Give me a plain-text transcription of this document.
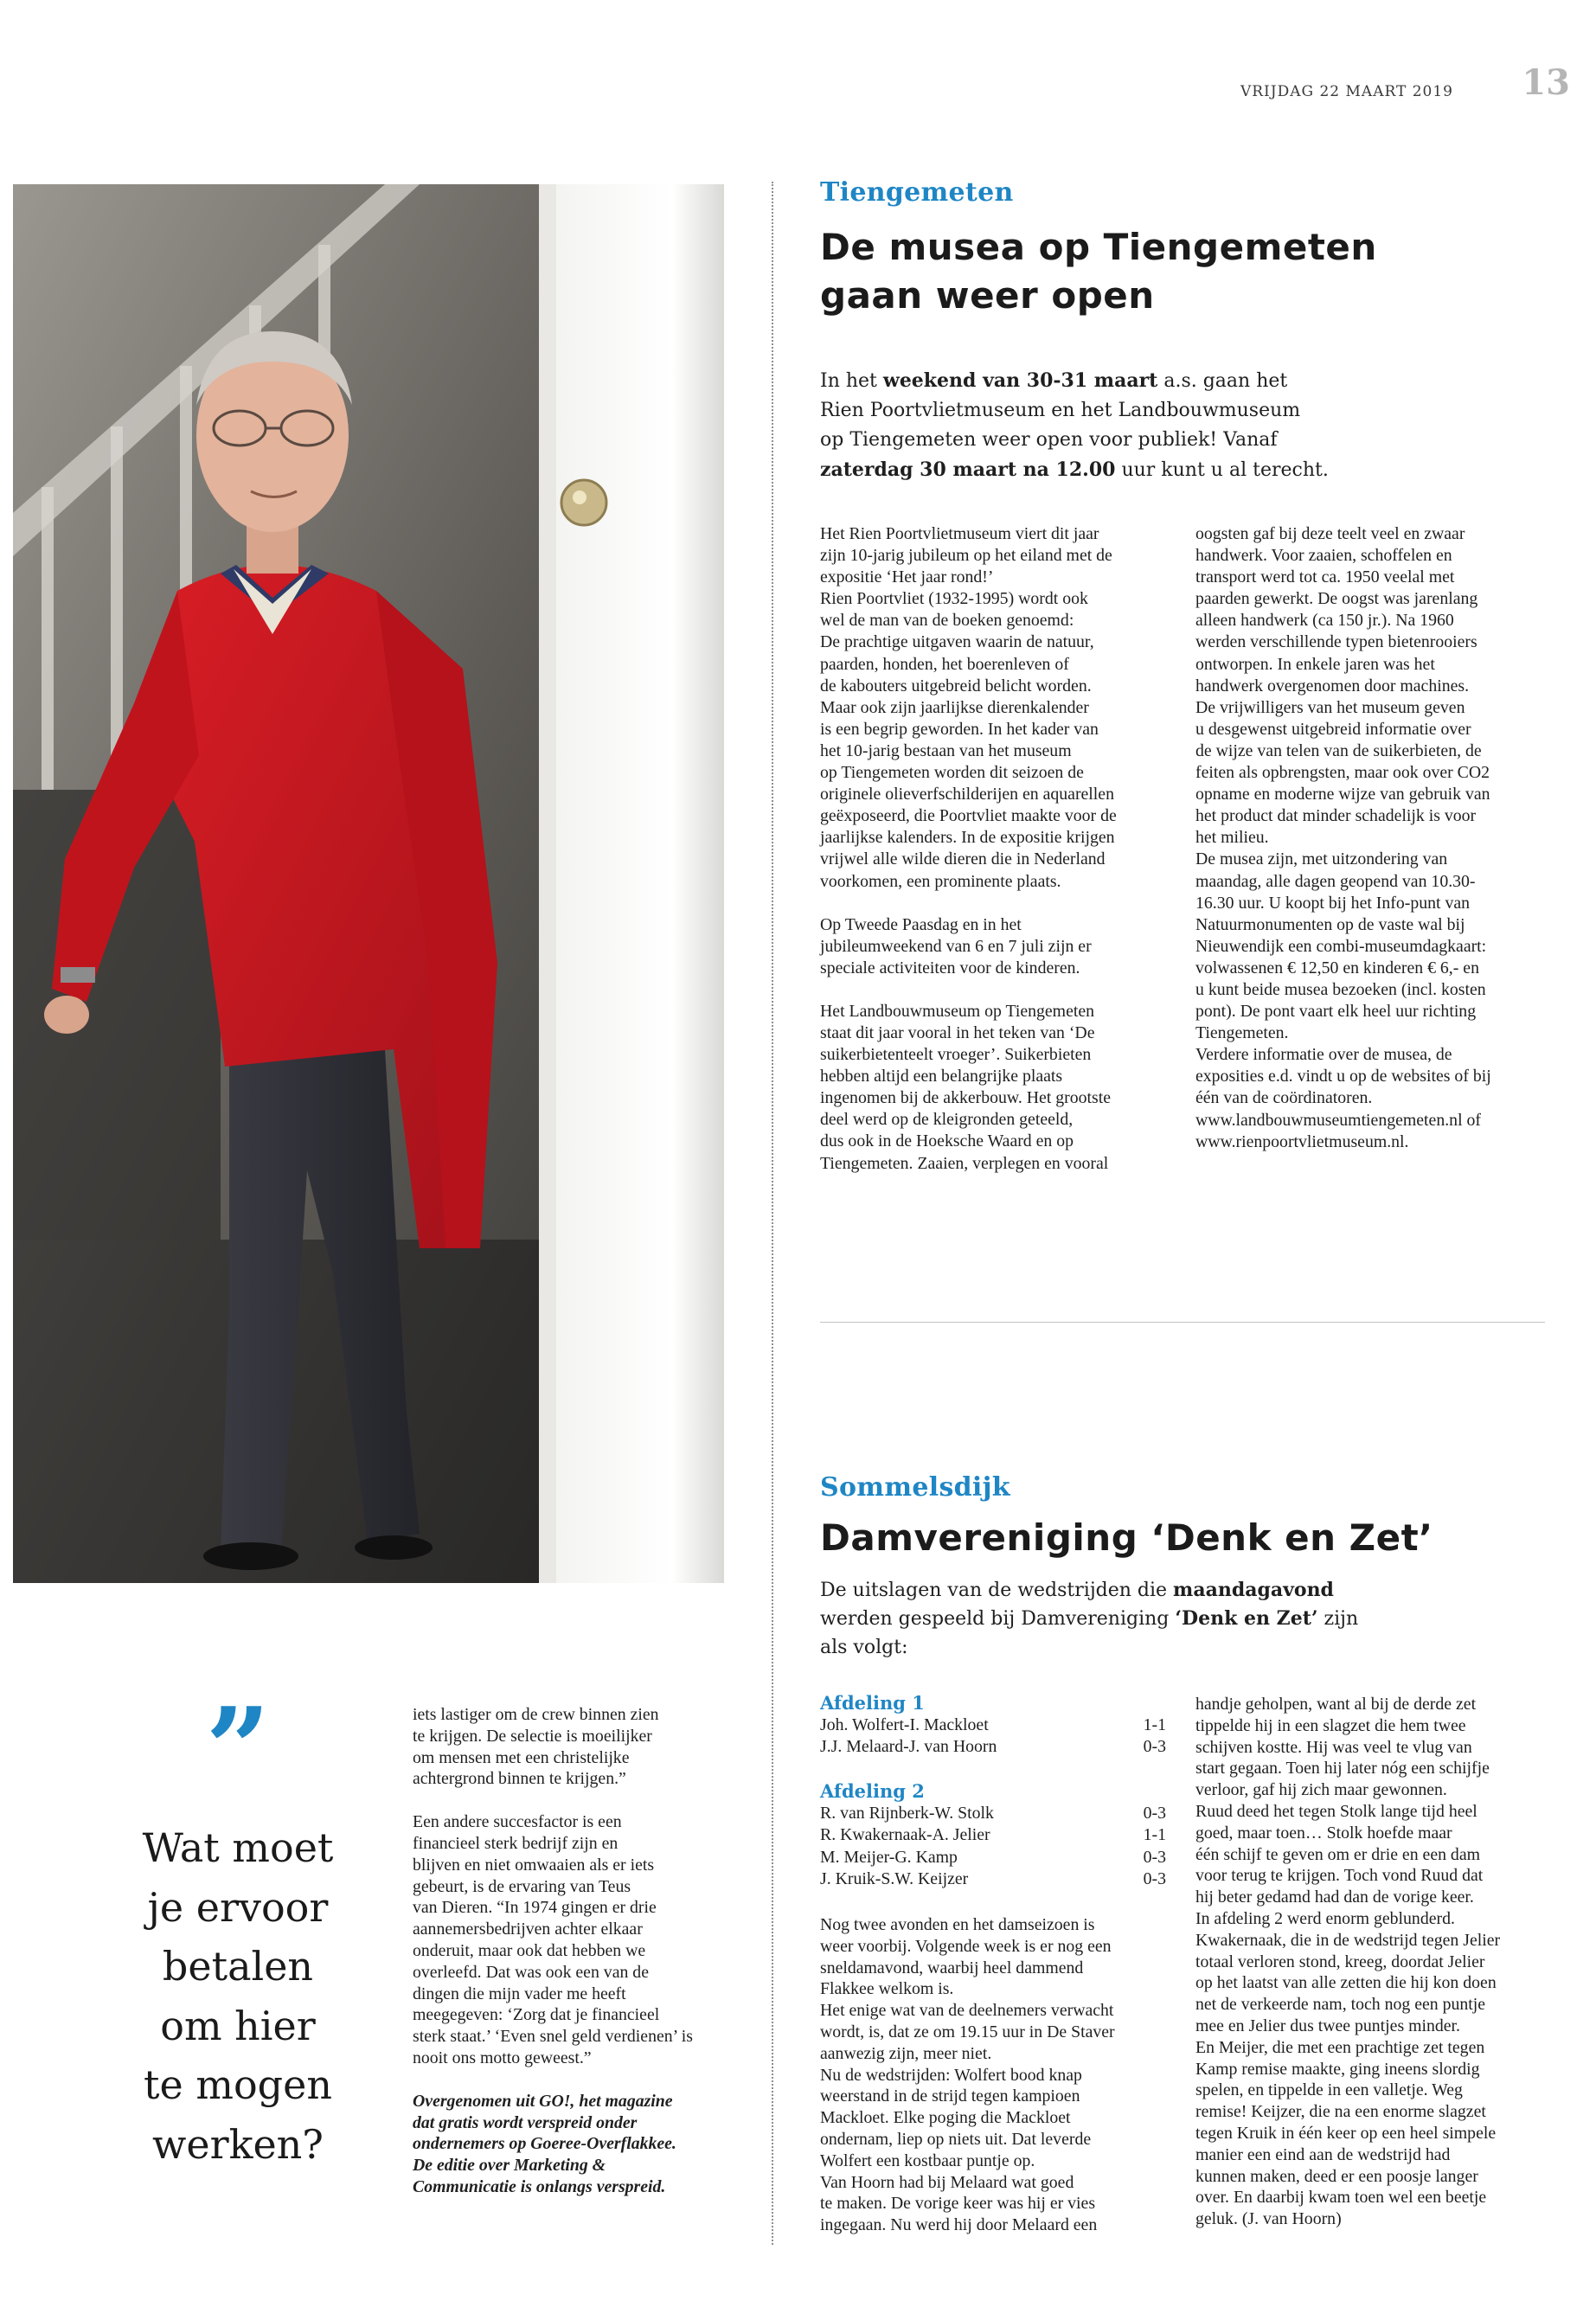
VRIJDAG 22 MAART 2019	13
Tiengemeten
De musea op Tiengemeten
gaan weer open
In het weekend van 30-31 maart a.s. gaan het
Rien Poortvlietmuseum en het Landbouwmuseum
op Tiengemeten weer open voor publiek! Vanaf
zaterdag 30 maart na 12.00 uur kunt u al terecht.

Het Rien Poortvlietmuseum viert dit jaar
zijn 10-jarig jubileum op het eiland met de
expositie ‘Het jaar rond!’
Rien Poortvliet (1932-1995) wordt ook
wel de man van de boeken genoemd:
De prachtige uitgaven waarin de natuur,
paarden, honden, het boerenleven of
de kabouters uitgebreid belicht worden.
Maar ook zijn jaarlijkse dierenkalender
is een begrip geworden. In het kader van
het 10-jarig bestaan van het museum
op Tiengemeten worden dit seizoen de
originele olieverfschilderijen en aquarellen
geëxposeerd, die Poortvliet maakte voor de
jaarlijkse kalenders. In de expositie krijgen
vrijwel alle wilde dieren die in Nederland
voorkomen, een prominente plaats.

Op Tweede Paasdag en in het
jubileumweekend van 6 en 7 juli zijn er
speciale activiteiten voor de kinderen.

Het Landbouwmuseum op Tiengemeten
staat dit jaar vooral in het teken van ‘De
suikerbietenteelt vroeger’. Suikerbieten
hebben altijd een belangrijke plaats
ingenomen bij de akkerbouw. Het grootste
deel werd op de kleigronden geteeld,
dus ook in de Hoeksche Waard en op
Tiengemeten. Zaaien, verplegen en vooral

oogsten gaf bij deze teelt veel en zwaar
handwerk. Voor zaaien, schoffelen en
transport werd tot ca. 1950 veelal met
paarden gewerkt. De oogst was jarenlang
alleen handwerk (ca 150 jr.). Na 1960
werden verschillende typen bietenrooiers
ontworpen. In enkele jaren was het
handwerk overgenomen door machines.
De vrijwilligers van het museum geven
u desgewenst uitgebreid informatie over
de wijze van telen van de suikerbieten, de
feiten als opbrengsten, maar ook over CO2
opname en moderne wijze van gebruik van
het product dat minder schadelijk is voor
het milieu.
De musea zijn, met uitzondering van
maandag, alle dagen geopend van 10.30-
16.30 uur. U koopt bij het Info-punt van
Natuurmonumenten op de vaste wal bij
Nieuwendijk een combi-museumdagkaart:
volwassenen € 12,50 en kinderen € 6,- en
u kunt beide musea bezoeken (incl. kosten
pont). De pont vaart elk heel uur richting
Tiengemeten.
Verdere informatie over de musea, de
exposities e.d. vindt u op de websites of bij
één van de coördinatoren.
www.landbouwmuseumtiengemeten.nl of
www.rienpoortvlietmuseum.nl.

Sommelsdijk
Damvereniging ‘Denk en Zet’
De uitslagen van de wedstrijden die maandagavond
werden gespeeld bij Damvereniging ‘Denk en Zet’ zijn
als volgt:
Afdeling 1
Joh. Wolfert-I. Mackloet	1-1
J.J. Melaard-J. van Hoorn	0-3
Afdeling 2
R. van Rijnberk-W. Stolk	0-3
R. Kwakernaak-A. Jelier	1-1
M. Meijer-G. Kamp	0-3
J. Kruik-S.W. Keijzer	0-3
Nog twee avonden en het damseizoen is
weer voorbij. Volgende week is er nog een
sneldamavond, waarbij heel dammend
Flakkee welkom is.
Het enige wat van de deelnemers verwacht
wordt, is, dat ze om 19.15 uur in De Staver
aanwezig zijn, meer niet.
Nu de wedstrijden: Wolfert bood knap
weerstand in de strijd tegen kampioen
Mackloet. Elke poging die Mackloet
ondernam, liep op niets uit. Dat leverde
Wolfert een kostbaar puntje op.
Van Hoorn had bij Melaard wat goed
te maken. De vorige keer was hij er vies
ingegaan. Nu werd hij door Melaard een
handje geholpen, want al bij de derde zet
tippelde hij in een slagzet die hem twee
schijven kostte. Hij was veel te vlug van
start gegaan. Toen hij later nóg een schijfje
verloor, gaf hij zich maar gewonnen.
Ruud deed het tegen Stolk lange tijd heel
goed, maar toen… Stolk hoefde maar
één schijf te geven om er drie en een dam
voor terug te krijgen. Toch vond Ruud dat
hij beter gedamd had dan de vorige keer.
In afdeling 2 werd enorm geblunderd.
Kwakernaak, die in de wedstrijd tegen Jelier
totaal verloren stond, kreeg, doordat Jelier
op het laatst van alle zetten die hij kon doen
net de verkeerde nam, toch nog een puntje
mee en Jelier dus twee puntjes minder.
En Meijer, die met een prachtige zet tegen
Kamp remise maakte, ging ineens slordig
spelen, en tippelde in een valletje. Weg
remise! Keijzer, die na een enorme slagzet
tegen Kruik in één keer op een heel simpele
manier een eind aan de wedstrijd had
kunnen maken, deed er een poosje langer
over. En daarbij kwam toen wel een beetje
geluk. (J. van Hoorn)
”
Wat moet
je ervoor
betalen
om hier
te mogen
werken?

iets lastiger om de crew binnen zien
te krijgen. De selectie is moeilijker
om mensen met een christelijke
achtergrond binnen te krijgen.”

Een andere succesfactor is een
financieel sterk bedrijf zijn en
blijven en niet omwaaien als er iets
gebeurt, is de ervaring van Teus
van Dieren. “In 1974 gingen er drie
aannemersbedrijven achter elkaar
onderuit, maar ook dat hebben we
overleefd. Dat was ook een van de
dingen die mijn vader me heeft
meegegeven: ‘Zorg dat je financieel
sterk staat.’ ‘Even snel geld verdienen’ is
nooit ons motto geweest.”

Overgenomen uit GO!, het magazine
dat gratis wordt verspreid onder
ondernemers op Goeree-Overflakkee.
De editie over Marketing &
Communicatie is onlangs verspreid.
